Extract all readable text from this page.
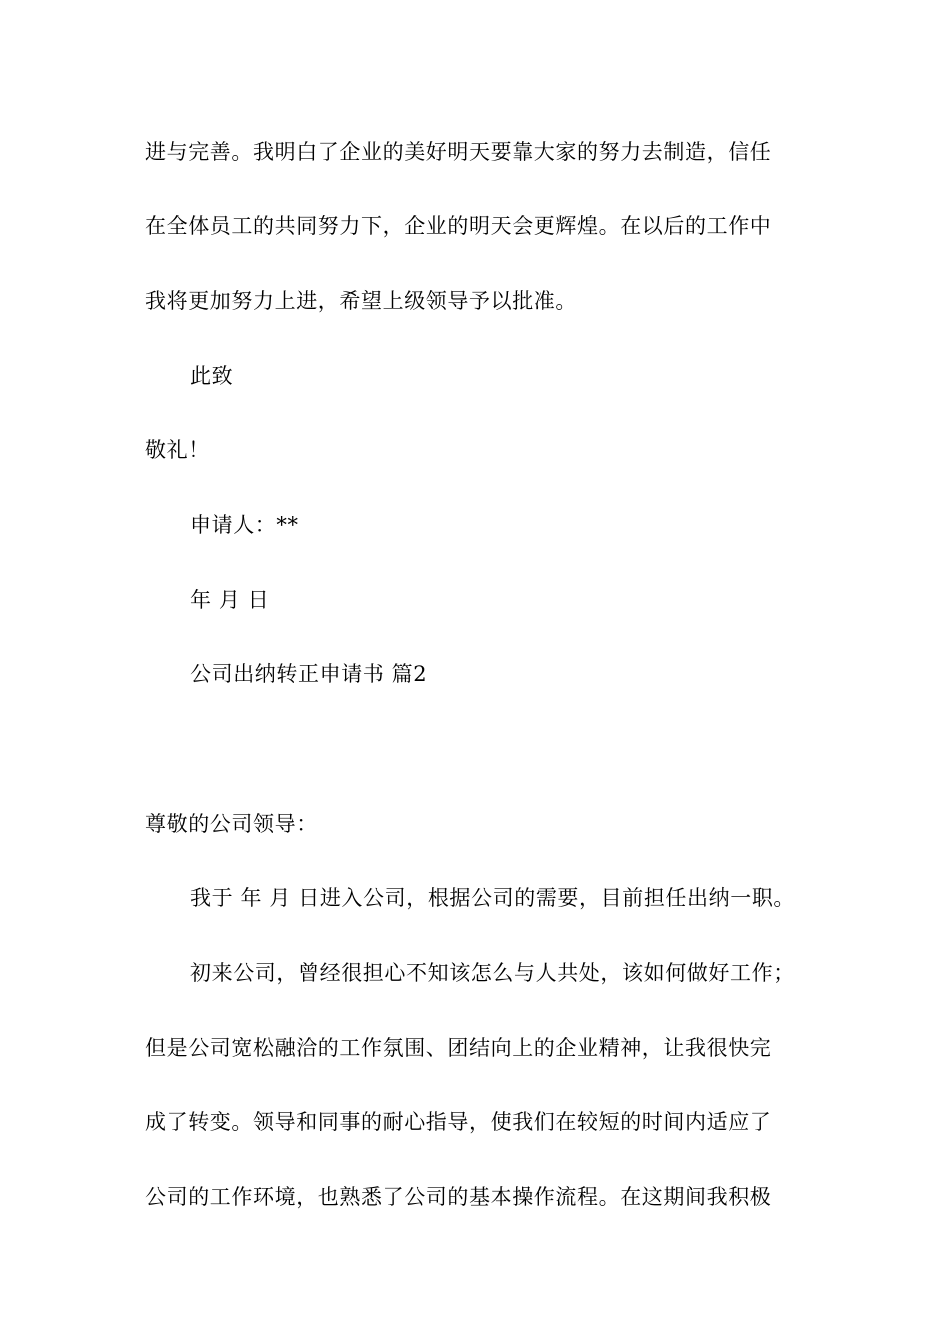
进与完善。我明白了企业的美好明天要靠大家的努力去制造，信任
在全体员工的共同努力下，企业的明天会更辉煌。在以后的工作中
我将更加努力上进，希望上级领导予以批准。
此致
敬礼！
申请人：**
年 月 日
公司出纳转正申请书 篇2
尊敬的公司领导：
我于 年 月 日进入公司，根据公司的需要，目前担任出纳一职。
初来公司，曾经很担心不知该怎么与人共处，该如何做好工作；
但是公司宽松融洽的工作氛围、团结向上的企业精神，让我很快完
成了转变。领导和同事的耐心指导，使我们在较短的时间内适应了
公司的工作环境，也熟悉了公司的基本操作流程。在这期间我积极
